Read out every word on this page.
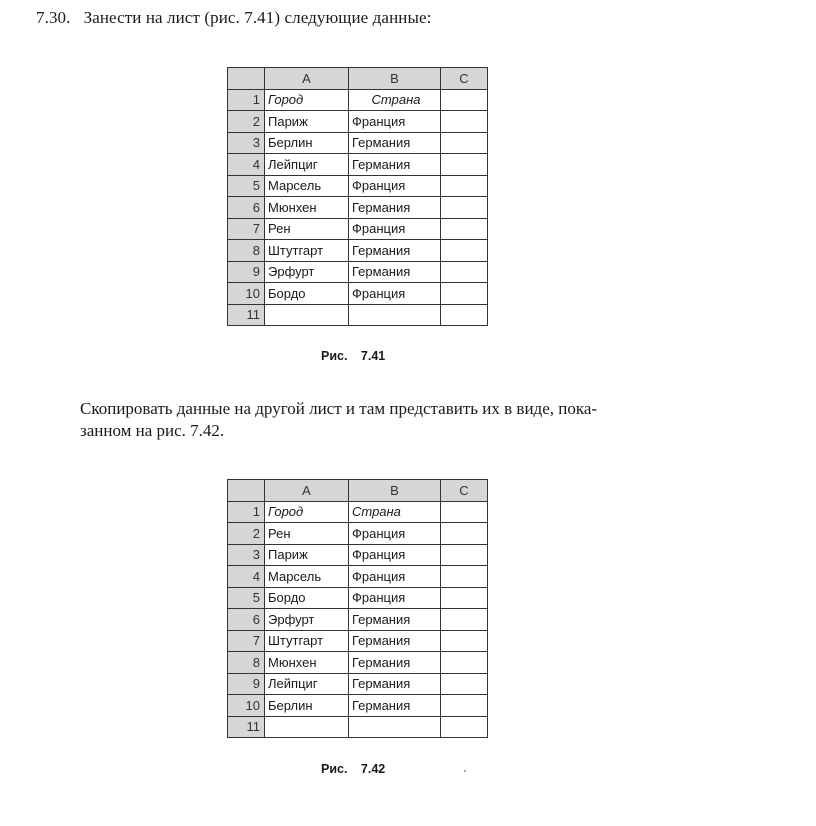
7.30. Занести на лист (рис. 7.41) следующие данные:
	A	B	C
1	Город	Страна	
2	Париж	Франция	
3	Берлин	Германия	
4	Лейпциг	Германия	
5	Марсель	Франция	
6	Мюнхен	Германия	
7	Рен	Франция	
8	Штутгарт	Германия	
9	Эрфурт	Германия	
10	Бордо	Франция	
11			
Рис. 7.41
Скопировать данные на другой лист и там представить их в виде, пока-
занном на рис. 7.42.
	A	B	C
1	Город	Страна	
2	Рен	Франция	
3	Париж	Франция	
4	Марсель	Франция	
5	Бордо	Франция	
6	Эрфурт	Германия	
7	Штутгарт	Германия	
8	Мюнхен	Германия	
9	Лейпциг	Германия	
10	Берлин	Германия	
11			
Рис. 7.42
